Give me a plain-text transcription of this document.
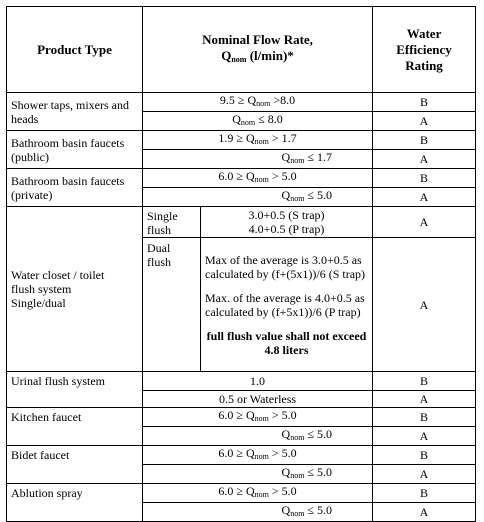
Product Type	Nominal Flow Rate,
$Q_{nom}$ (l/min)*		Water
Efficiency
Rating
Shower taps, mixers and heads	$9.5 \ge Q_{nom} >8.0$		B
	$Q_{nom} \le 8.0$		A
Bathroom basin faucets (public)	$1.9 \ge Q_{nom} > 1.7$		B
	$Q_{nom} \le 1.7$		A
Bathroom basin faucets (private)	$6.0 \ge Q_{nom} > 5.0$		B
	$Q_{nom} \le 5.0$		A
Water closet / toilet
flush system
Single/dual	Single flush	3.0+0.5 (S trap)
4.0+0.5 (P trap)	A
	Dual flush	Max of the average is 3.0+0.5 as calculated by (f+(5x1))/6 (S trap)
Max. of the average is 4.0+0.5 as calculated by (f+5x1))/6 (P trap)
full flush value shall not exceed 4.8 liters	A
Urinal flush system	1.0		B
	0.5 or Waterless		A
Kitchen faucet	$6.0 \ge Q_{nom} > 5.0$		B
	$Q_{nom} \le 5.0$		A
Bidet faucet	$6.0 \ge Q_{nom} > 5.0$		B
	$Q_{nom} \le 5.0$		A
Ablution spray	$6.0 \ge Q_{nom} > 5.0$		B
	$Q_{nom} \le 5.0$		A
